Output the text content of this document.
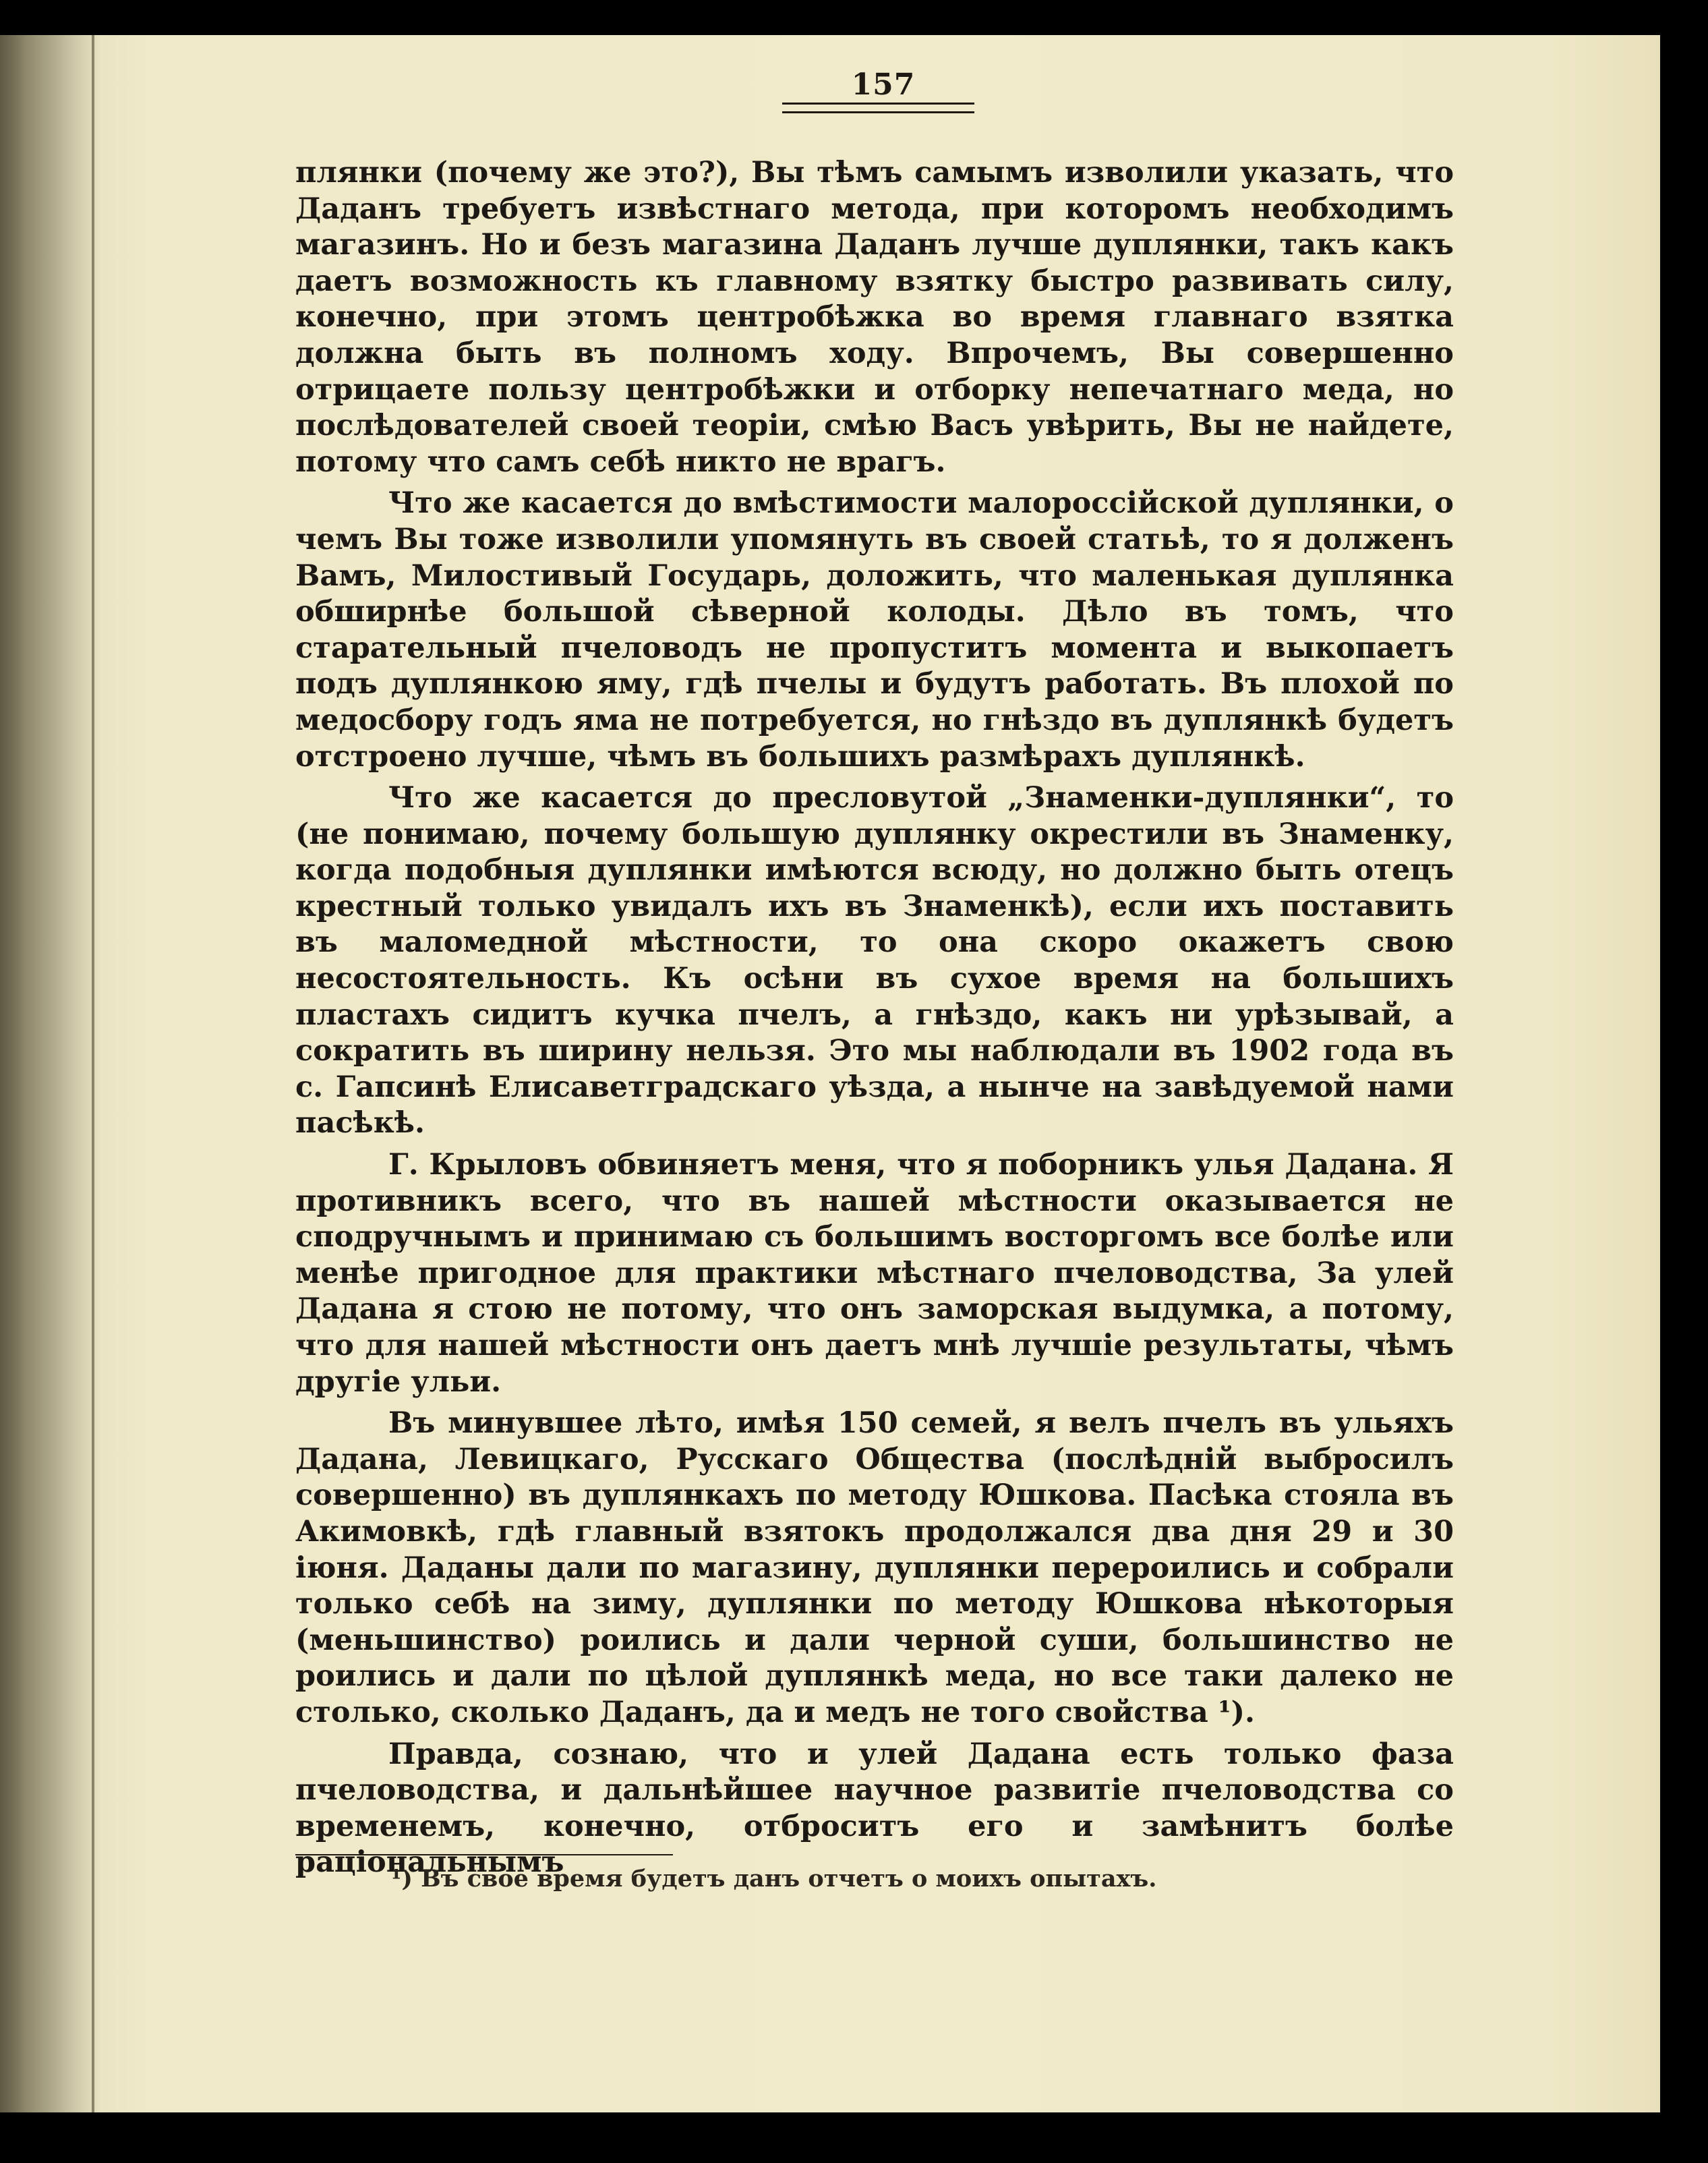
157

плянки (почему же это?), Вы тѣмъ самымъ изволили указать, что Даданъ требуетъ извѣстнаго метода, при которомъ необходимъ магазинъ. Но и безъ магазина Даданъ лучше дуплянки, такъ какъ даетъ возможность къ главному взятку быстро развивать силу, конечно, при этомъ центробѣжка во время главнаго взятка должна быть въ полномъ ходу. Впрочемъ, Вы совершенно отрицаете пользу центробѣжки и отборку непечатнаго меда, но послѣдователей своей теоріи, смѣю Васъ увѣрить, Вы не найдете, потому что самъ себѣ никто не врагъ.

Что же касается до вмѣстимости малороссійской дуплянки, о чемъ Вы тоже изволили упомянуть въ своей статьѣ, то я долженъ Вамъ, Милостивый Государь, доложить, что маленькая дуплянка обширнѣе большой сѣверной колоды. Дѣло въ томъ, что старательный пчеловодъ не пропуститъ момента и выкопаетъ подъ дуплянкою яму, гдѣ пчелы и будутъ работать. Въ плохой по медосбору годъ яма не потребуется, но гнѣздо въ дуплянкѣ будетъ отстроено лучше, чѣмъ въ большихъ размѣрахъ дуплянкѣ.

Что же касается до пресловутой „Знаменки-дуплянки“, то (не понимаю, почему большую дуплянку окрестили въ Знаменку, когда подобныя дуплянки имѣются всюду, но должно быть отецъ крестный только увидалъ ихъ въ Знаменкѣ), если ихъ поставить въ маломедной мѣстности, то она скоро окажетъ свою несостоятельность. Къ осѣни въ сухое время на большихъ пластахъ сидитъ кучка пчелъ, а гнѣздо, какъ ни урѣзывай, а сократить въ ширину нельзя. Это мы наблюдали въ 1902 года въ с. Гапсинѣ Елисаветградскаго уѣзда, а нынче на завѣдуемой нами пасѣкѣ.

Г. Крыловъ обвиняетъ меня, что я поборникъ улья Дадана. Я противникъ всего, что въ нашей мѣстности оказывается не сподручнымъ и принимаю съ большимъ восторгомъ все болѣе или менѣе пригодное для практики мѣстнаго пчеловодства, За улей Дадана я стою не потому, что онъ заморская выдумка, а потому, что для нашей мѣстности онъ даетъ мнѣ лучшіе результаты, чѣмъ другіе ульи.

Въ минувшее лѣто, имѣя 150 семей, я велъ пчелъ въ ульяхъ Дадана, Левицкаго, Русскаго Общества (послѣдній выбросилъ совершенно) въ дуплянкахъ по методу Юшкова. Пасѣка стояла въ Акимовкѣ, гдѣ главный взятокъ продолжался два дня 29 и 30 іюня. Даданы дали по магазину, дуплянки перероились и собрали только себѣ на зиму, дуплянки по методу Юшкова нѣкоторыя (меньшинство) роились и дали черной суши, большинство не роились и дали по цѣлой дуплянкѣ меда, но все таки далеко не столько, сколько Даданъ, да и медъ не того свойства ¹).

Правда, сознаю, что и улей Дадана есть только фаза пчеловодства, и дальнѣйшее научное развитіе пчеловодства со временемъ, конечно, отброситъ его и замѣнитъ болѣе раціональнымъ

¹) Въ свое время будетъ данъ отчетъ о моихъ опытахъ.
